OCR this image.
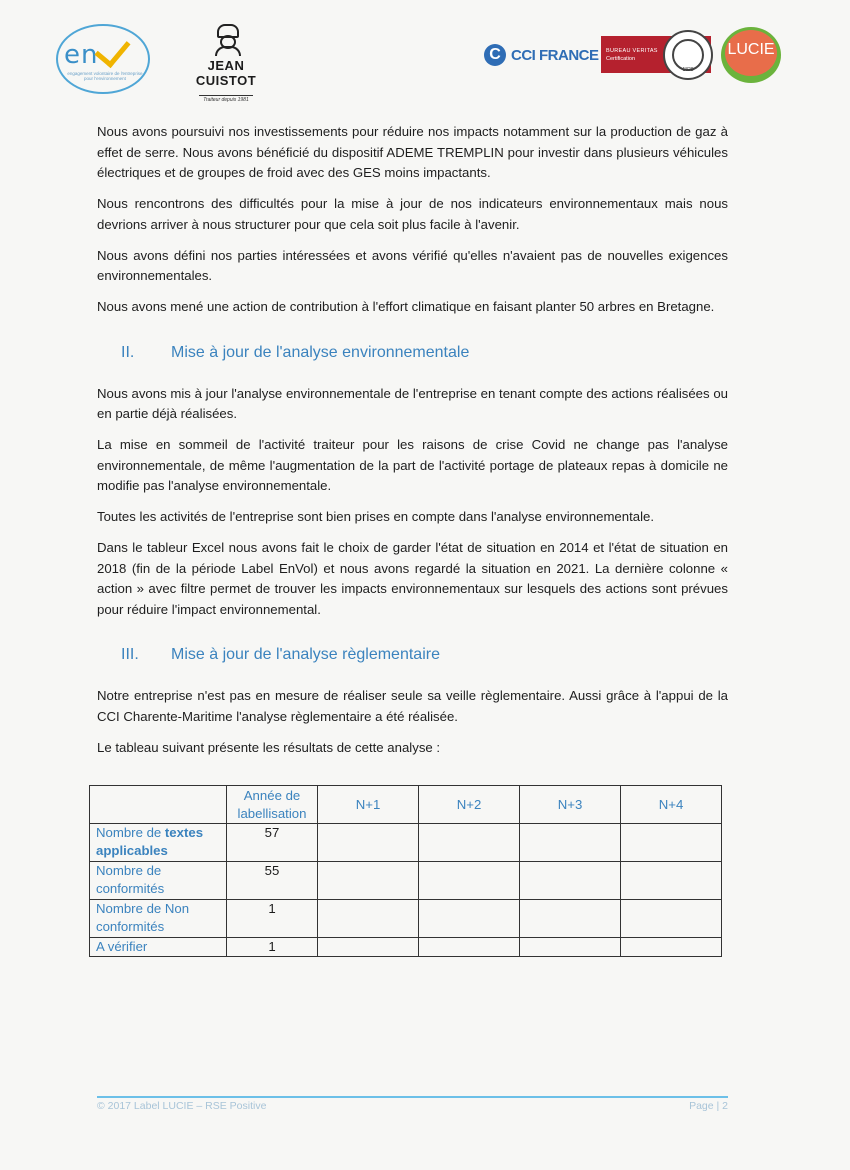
en
engagement volontaire de l'entreprise pour l'environnement
JEAN CUISTOT
Traiteur depuis 1981
C CCI FRANCE BUREAU VERITAS
Certification
1828
LUCIE

Nous avons poursuivi nos investissements pour réduire nos impacts notamment sur la production de gaz à effet de serre. Nous avons bénéficié du dispositif ADEME TREMPLIN pour investir dans plusieurs véhicules électriques et de groupes de froid avec des GES moins impactants.

Nous rencontrons des difficultés pour la mise à jour de nos indicateurs environnementaux mais nous devrions arriver à nous structurer pour que cela soit plus facile à l'avenir.

Nous avons défini nos parties intéressées et avons vérifié qu'elles n'avaient pas de nouvelles exigences environnementales.

Nous avons mené une action de contribution à l'effort climatique en faisant planter 50 arbres en Bretagne.

II.	Mise à jour de l'analyse environnementale

Nous avons mis à jour l'analyse environnementale de l'entreprise en tenant compte des actions réalisées ou en partie déjà réalisées.

La mise en sommeil de l'activité traiteur pour les raisons de crise Covid ne change pas l'analyse environnementale, de même l'augmentation de la part de l'activité portage de plateaux repas à domicile ne modifie pas l'analyse environnementale.

Toutes les activités de l'entreprise sont bien prises en compte dans l'analyse environnementale.

Dans le tableur Excel nous avons fait le choix de garder l'état de situation en 2014 et l'état de situation en 2018 (fin de la période Label EnVol) et nous avons regardé la situation en 2021. La dernière colonne « action » avec filtre permet de trouver les impacts environnementaux sur lesquels des actions sont prévues pour réduire l'impact environnemental.

III.	Mise à jour de l'analyse règlementaire

Notre entreprise n'est pas en mesure de réaliser seule sa veille règlementaire. Aussi grâce à l'appui de la CCI Charente-Maritime l'analyse règlementaire a été réalisée.

Le tableau suivant présente les résultats de cette analyse :

	Année de labellisation	N+1	N+2	N+3	N+4
Nombre de textes applicables	57				
Nombre de conformités	55				
Nombre de Non conformités	1				
A vérifier	1				
© 2017 Label LUCIE – RSE Positive	Page | 2
